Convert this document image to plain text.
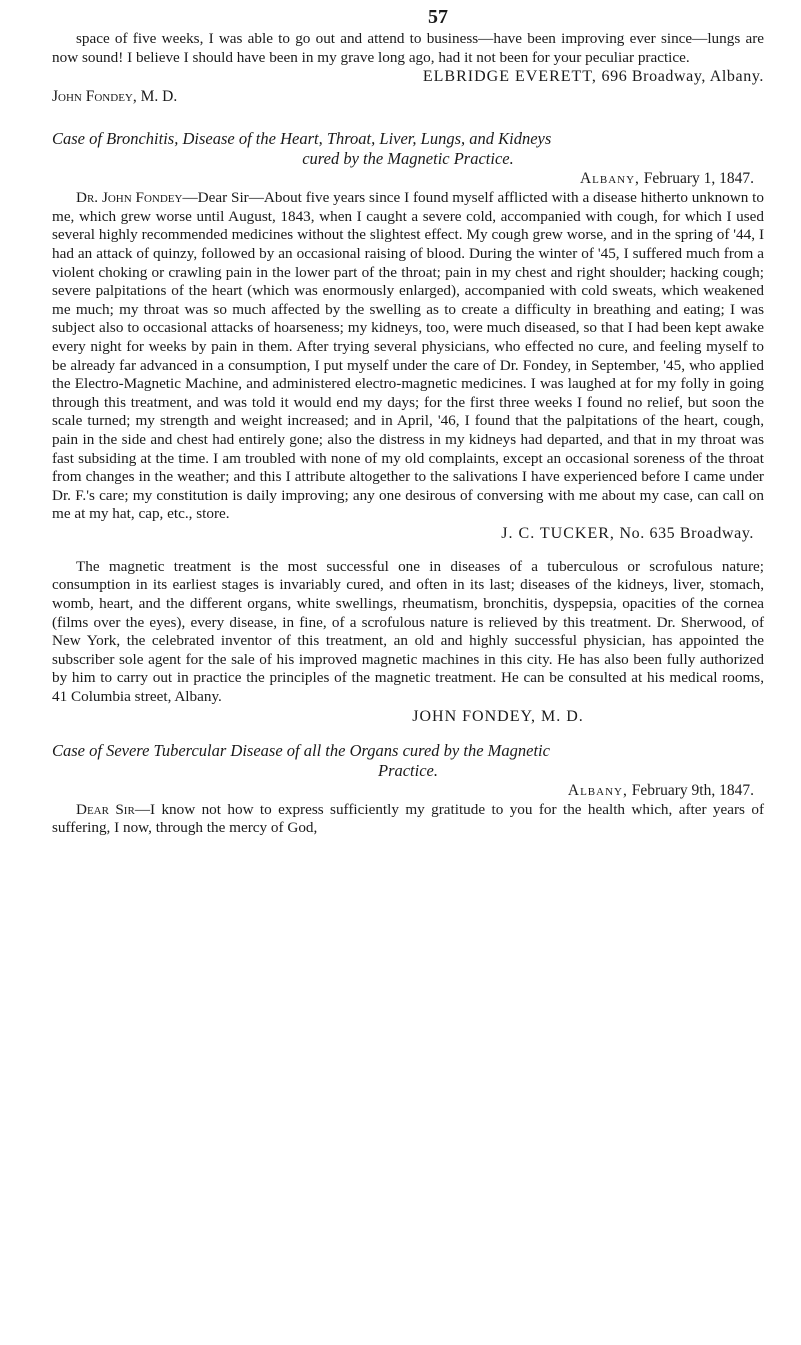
57

space of five weeks, I was able to go out and attend to business—have been improving ever since—lungs are now sound! I believe I should have been in my grave long ago, had it not been for your peculiar practice.

ELBRIDGE EVERETT, 696 Broadway, Albany.
John Fondey, M. D.
Case of Bronchitis, Disease of the Heart, Throat, Liver, Lungs, and Kidneys
cured by the Magnetic Practice.
Albany, February 1, 1847.

Dr. John Fondey—Dear Sir—About five years since I found myself afflicted with a disease hitherto unknown to me, which grew worse until August, 1843, when I caught a severe cold, accompanied with cough, for which I used several highly recommended medicines without the slightest effect. My cough grew worse, and in the spring of '44, I had an attack of quinzy, followed by an occasional raising of blood. During the winter of '45, I suffered much from a violent choking or crawling pain in the lower part of the throat; pain in my chest and right shoulder; hacking cough; severe palpitations of the heart (which was enormously enlarged), accompanied with cold sweats, which weakened me much; my throat was so much affected by the swelling as to create a difficulty in breathing and eating; I was subject also to occasional attacks of hoarseness; my kidneys, too, were much diseased, so that I had been kept awake every night for weeks by pain in them. After trying several physicians, who effected no cure, and feeling myself to be already far advanced in a consumption, I put myself under the care of Dr. Fondey, in September, '45, who applied the Electro-Magnetic Machine, and administered electro-magnetic medicines. I was laughed at for my folly in going through this treatment, and was told it would end my days; for the first three weeks I found no relief, but soon the scale turned; my strength and weight increased; and in April, '46, I found that the palpitations of the heart, cough, pain in the side and chest had entirely gone; also the distress in my kidneys had departed, and that in my throat was fast subsiding at the time. I am troubled with none of my old complaints, except an occasional soreness of the throat from changes in the weather; and this I attribute altogether to the salivations I have experienced before I came under Dr. F.'s care; my constitution is daily improving; any one desirous of conversing with me about my case, can call on me at my hat, cap, etc., store.

J. C. TUCKER, No. 635 Broadway.

The magnetic treatment is the most successful one in diseases of a tuberculous or scrofulous nature; consumption in its earliest stages is invariably cured, and often in its last; diseases of the kidneys, liver, stomach, womb, heart, and the different organs, white swellings, rheumatism, bronchitis, dyspepsia, opacities of the cornea (films over the eyes), every disease, in fine, of a scrofulous nature is relieved by this treatment. Dr. Sherwood, of New York, the celebrated inventor of this treatment, an old and highly successful physician, has appointed the subscriber sole agent for the sale of his improved magnetic machines in this city. He has also been fully authorized by him to carry out in practice the principles of the magnetic treatment. He can be consulted at his medical rooms, 41 Columbia street, Albany.

JOHN FONDEY, M. D.
Case of Severe Tubercular Disease of all the Organs cured by the Magnetic
Practice.
Albany, February 9th, 1847.

Dear Sir—I know not how to express sufficiently my gratitude to you for the health which, after years of suffering, I now, through the mercy of God,
